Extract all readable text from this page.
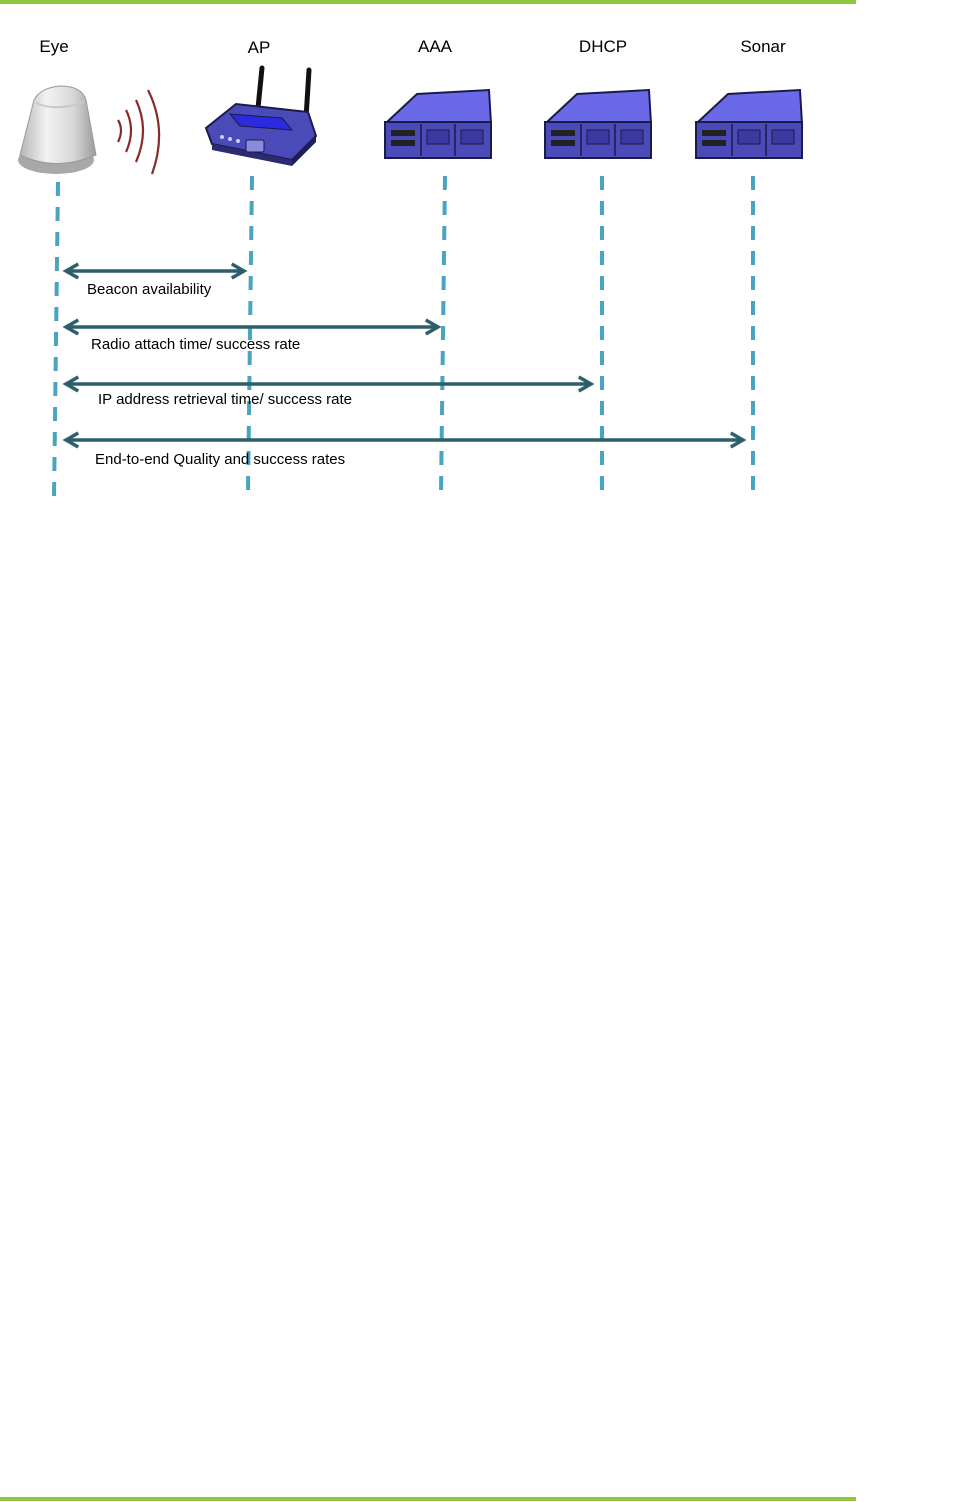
Eye	AP	AAA	DHCP	Sonar
Beacon availability
Radio attach time/ success rate
IP address retrieval time/ success rate
End-to-end Quality and success rates
